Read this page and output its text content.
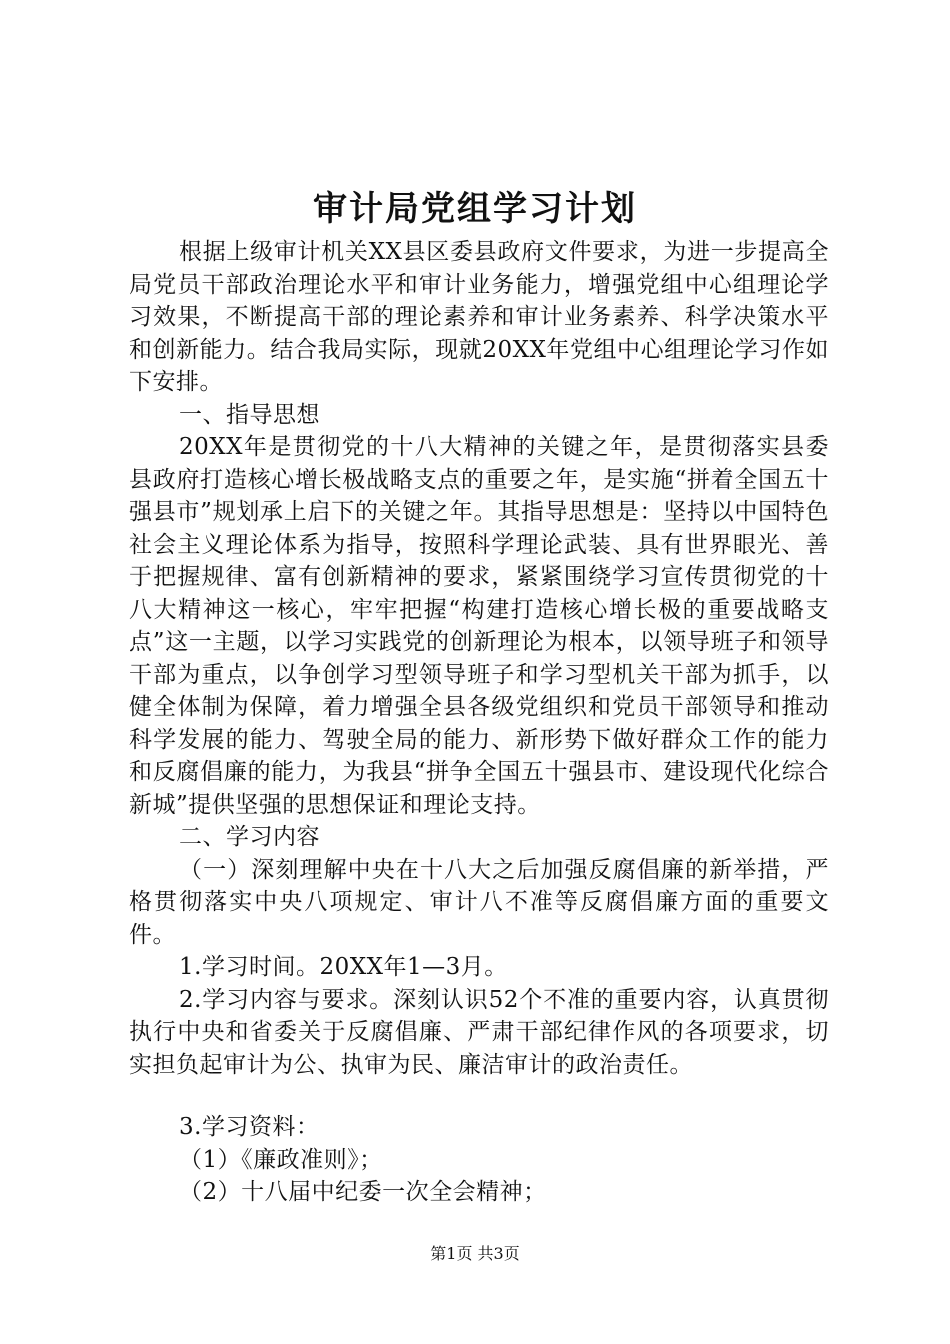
审计局党组学习计划

根据上级审计机关XX县区委县政府文件要求，为进一步提高全局党员干部政治理论水平和审计业务能力，增强党组中心组理论学习效果，不断提高干部的理论素养和审计业务素养、科学决策水平和创新能力。结合我局实际，现就20XX年党组中心组理论学习作如下安排。

一、指导思想

20XX年是贯彻党的十八大精神的关键之年，是贯彻落实县委县政府打造核心增长极战略支点的重要之年，是实施“拼着全国五十强县市”规划承上启下的关键之年。其指导思想是：坚持以中国特色社会主义理论体系为指导，按照科学理论武装、具有世界眼光、善于把握规律、富有创新精神的要求，紧紧围绕学习宣传贯彻党的十八大精神这一核心，牢牢把握“构建打造核心增长极的重要战略支点”这一主题，以学习实践党的创新理论为根本，以领导班子和领导干部为重点，以争创学习型领导班子和学习型机关干部为抓手，以健全体制为保障，着力增强全县各级党组织和党员干部领导和推动科学发展的能力、驾驶全局的能力、新形势下做好群众工作的能力和反腐倡廉的能力，为我县“拼争全国五十强县市、建设现代化综合新城”提供坚强的思想保证和理论支持。

二、学习内容

（一）深刻理解中央在十八大之后加强反腐倡廉的新举措，严格贯彻落实中央八项规定、审计八不准等反腐倡廉方面的重要文件。

1.学习时间。20XX年1—3月。

2.学习内容与要求。深刻认识52个不准的重要内容，认真贯彻执行中央和省委关于反腐倡廉、严肃干部纪律作风的各项要求，切实担负起审计为公、执审为民、廉洁审计的政治责任。

3.学习资料：

（1）《廉政准则》；

（2）十八届中纪委一次全会精神；

第1页 共3页
